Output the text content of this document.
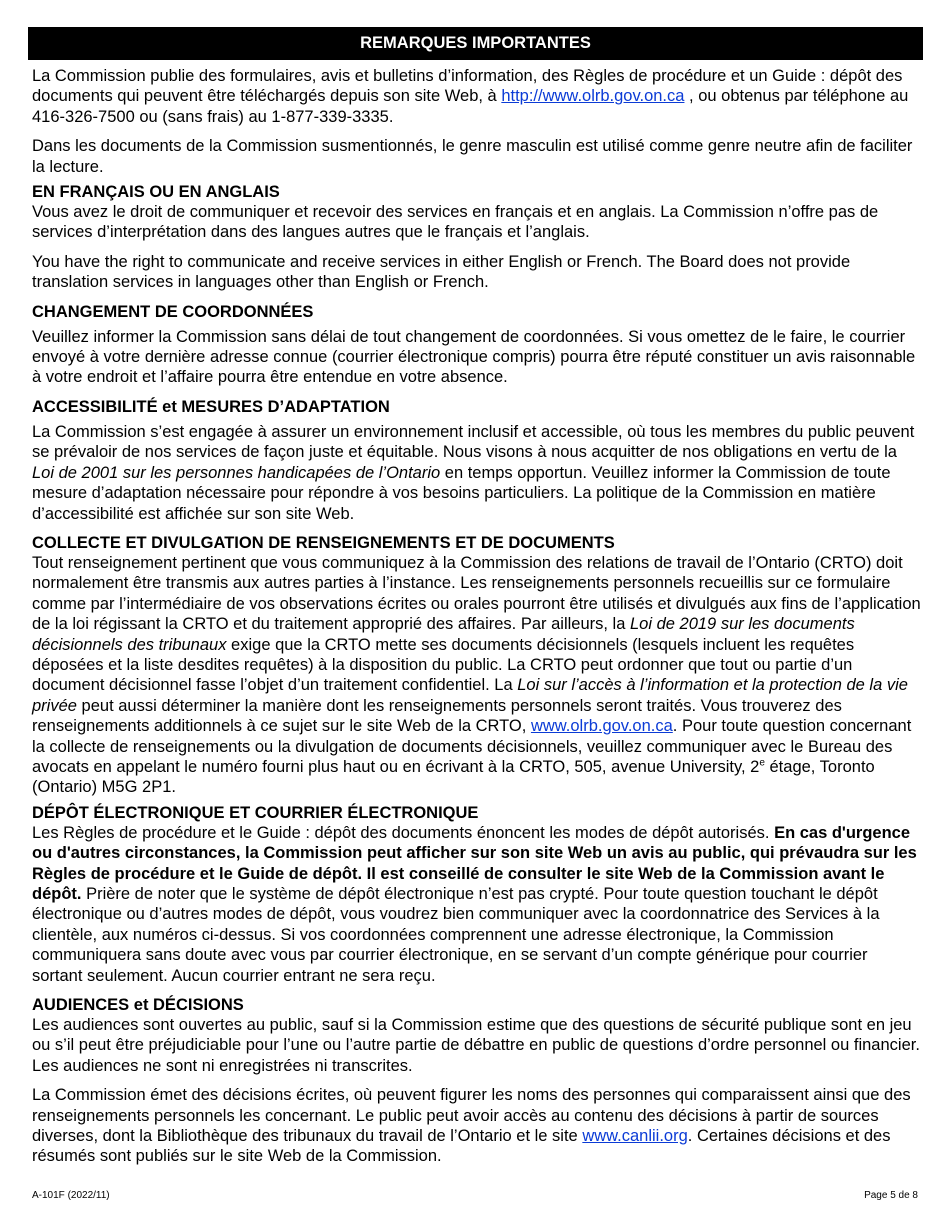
REMARQUES IMPORTANTES

La Commission publie des formulaires, avis et bulletins d’information, des Règles de procédure et un Guide : dépôt des documents qui peuvent être téléchargés depuis son site Web, à http://www.olrb.gov.on.ca , ou obtenus par téléphone au 416-326-7500 ou (sans frais) au 1-877-339-3335.

Dans les documents de la Commission susmentionnés, le genre masculin est utilisé comme genre neutre afin de faciliter la lecture.

EN FRANÇAIS OU EN ANGLAIS

Vous avez le droit de communiquer et recevoir des services en français et en anglais. La Commission n’offre pas de services d’interprétation dans des langues autres que le français et l’anglais.

You have the right to communicate and receive services in either English or French. The Board does not provide translation services in languages other than English or French.

CHANGEMENT DE COORDONNÉES

Veuillez informer la Commission sans délai de tout changement de coordonnées. Si vous omettez de le faire, le courrier envoyé à votre dernière adresse connue (courrier électronique compris) pourra être réputé constituer un avis raisonnable à votre endroit et l’affaire pourra être entendue en votre absence.

ACCESSIBILITÉ et MESURES D’ADAPTATION

La Commission s’est engagée à assurer un environnement inclusif et accessible, où tous les membres du public peuvent se prévaloir de nos services de façon juste et équitable. Nous visons à nous acquitter de nos obligations en vertu de la Loi de 2001 sur les personnes handicapées de l’Ontario en temps opportun. Veuillez informer la Commission de toute mesure d’adaptation nécessaire pour répondre à vos besoins particuliers. La politique de la Commission en matière d’accessibilité est affichée sur son site Web.

COLLECTE ET DIVULGATION DE RENSEIGNEMENTS ET DE DOCUMENTS

Tout renseignement pertinent que vous communiquez à la Commission des relations de travail de l’Ontario (CRTO) doit normalement être transmis aux autres parties à l’instance. Les renseignements personnels recueillis sur ce formulaire comme par l’intermédiaire de vos observations écrites ou orales pourront être utilisés et divulgués aux fins de l’application de la loi régissant la CRTO et du traitement approprié des affaires. Par ailleurs, la Loi de 2019 sur les documents décisionnels des tribunaux exige que la CRTO mette ses documents décisionnels (lesquels incluent les requêtes déposées et la liste desdites requêtes) à la disposition du public. La CRTO peut ordonner que tout ou partie d’un document décisionnel fasse l’objet d’un traitement confidentiel. La Loi sur l’accès à l’information et la protection de la vie privée peut aussi déterminer la manière dont les renseignements personnels seront traités. Vous trouverez des renseignements additionnels à ce sujet sur le site Web de la CRTO, www.olrb.gov.on.ca. Pour toute question concernant la collecte de renseignements ou la divulgation de documents décisionnels, veuillez communiquer avec le Bureau des avocats en appelant le numéro fourni plus haut ou en écrivant à la CRTO, 505, avenue University, 2e étage, Toronto (Ontario) M5G 2P1.

DÉPÔT ÉLECTRONIQUE ET COURRIER ÉLECTRONIQUE

Les Règles de procédure et le Guide : dépôt des documents énoncent les modes de dépôt autorisés. En cas d'urgence ou d'autres circonstances, la Commission peut afficher sur son site Web un avis au public, qui prévaudra sur les Règles de procédure et le Guide de dépôt. Il est conseillé de consulter le site Web de la Commission avant le dépôt. Prière de noter que le système de dépôt électronique n’est pas crypté. Pour toute question touchant le dépôt électronique ou d’autres modes de dépôt, vous voudrez bien communiquer avec la coordonnatrice des Services à la clientèle, aux numéros ci-dessus. Si vos coordonnées comprennent une adresse électronique, la Commission communiquera sans doute avec vous par courrier électronique, en se servant d’un compte générique pour courrier sortant seulement. Aucun courrier entrant ne sera reçu.

AUDIENCES et DÉCISIONS

Les audiences sont ouvertes au public, sauf si la Commission estime que des questions de sécurité publique sont en jeu ou s’il peut être préjudiciable pour l’une ou l’autre partie de débattre en public de questions d’ordre personnel ou financier. Les audiences ne sont ni enregistrées ni transcrites.

La Commission émet des décisions écrites, où peuvent figurer les noms des personnes qui comparaissent ainsi que des renseignements personnels les concernant. Le public peut avoir accès au contenu des décisions à partir de sources diverses, dont la Bibliothèque des tribunaux du travail de l’Ontario et le site www.canlii.org. Certaines décisions et des résumés sont publiés sur le site Web de la Commission.

A-101F (2022/11)	Page 5 de 8
